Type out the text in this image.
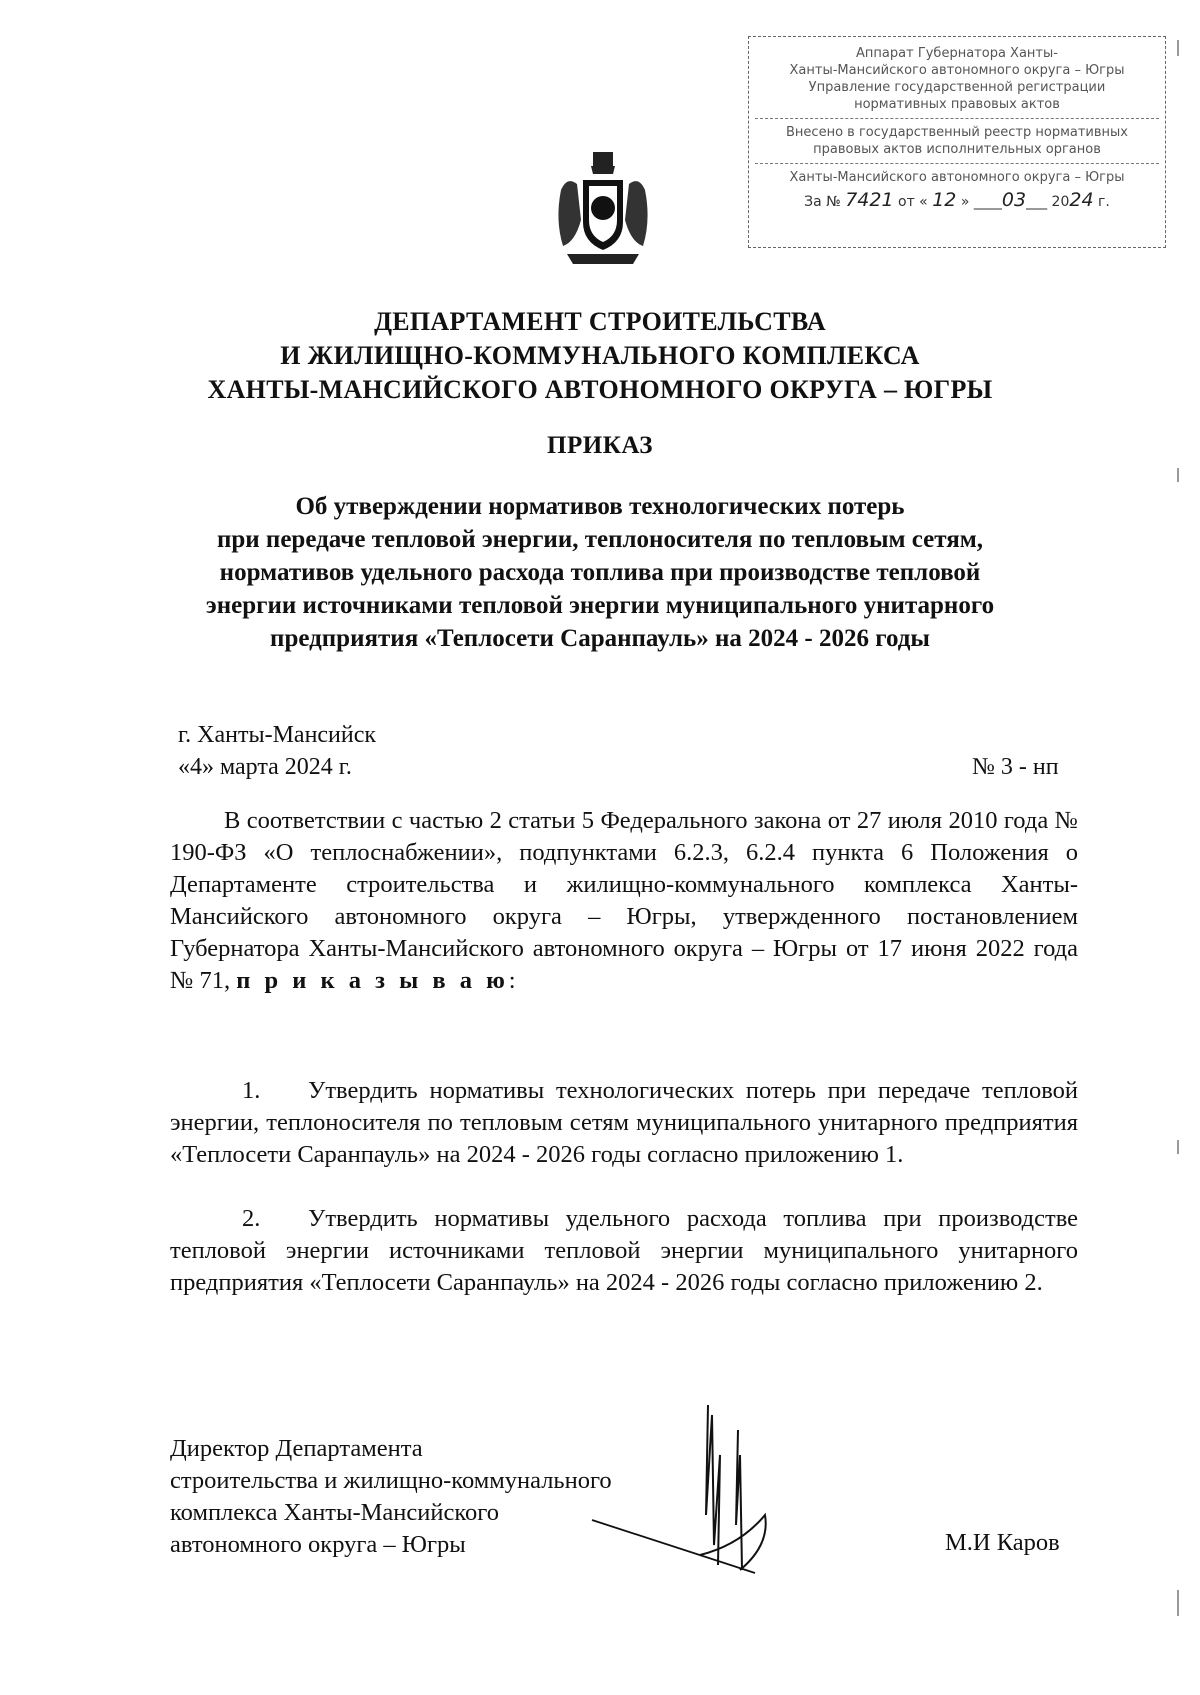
Аппарат Губернатора Ханты-
Ханты-Мансийского автономного округа – Югры
Управление государственной регистрации
нормативных правовых актов
Внесено в государственный реестр нормативных
правовых актов исполнительных органов
Ханты-Мансийского автономного округа – Югры
За № 7421 от « 12 » ____03___ 2024 г.
ДЕПАРТАМЕНТ СТРОИТЕЛЬСТВА
И ЖИЛИЩНО-КОММУНАЛЬНОГО КОМПЛЕКСА
ХАНТЫ-МАНСИЙСКОГО АВТОНОМНОГО ОКРУГА – ЮГРЫ
ПРИКАЗ
Об утверждении нормативов технологических потерь
при передаче тепловой энергии, теплоносителя по тепловым сетям,
нормативов удельного расхода топлива при производстве тепловой
энергии источниками тепловой энергии муниципального унитарного
предприятия «Теплосети Саранпауль» на 2024 - 2026 годы
г. Ханты-Мансийск
«4» марта 2024 г.	№ 3 - нп
В соответствии с частью 2 статьи 5 Федерального закона от 27 июля 2010 года № 190-ФЗ «О теплоснабжении», подпунктами 6.2.3, 6.2.4 пункта 6 Положения о Департаменте строительства и жилищно-коммунального комплекса Ханты-Мансийского автономного округа – Югры, утвержденного постановлением Губернатора Ханты-Мансийского автономного округа – Югры от 17 июня 2022 года № 71, п р и к а з ы в а ю:
1. Утвердить нормативы технологических потерь при передаче тепловой энергии, теплоносителя по тепловым сетям муниципального унитарного предприятия «Теплосети Саранпауль» на 2024 - 2026 годы согласно приложению 1.
2. Утвердить нормативы удельного расхода топлива при производстве тепловой энергии источниками тепловой энергии муниципального унитарного предприятия «Теплосети Саранпауль» на 2024 - 2026 годы согласно приложению 2.
Директор Департамента
строительства и жилищно-коммунального
комплекса Ханты-Мансийского
автономного округа – Югры	М.И Каров
